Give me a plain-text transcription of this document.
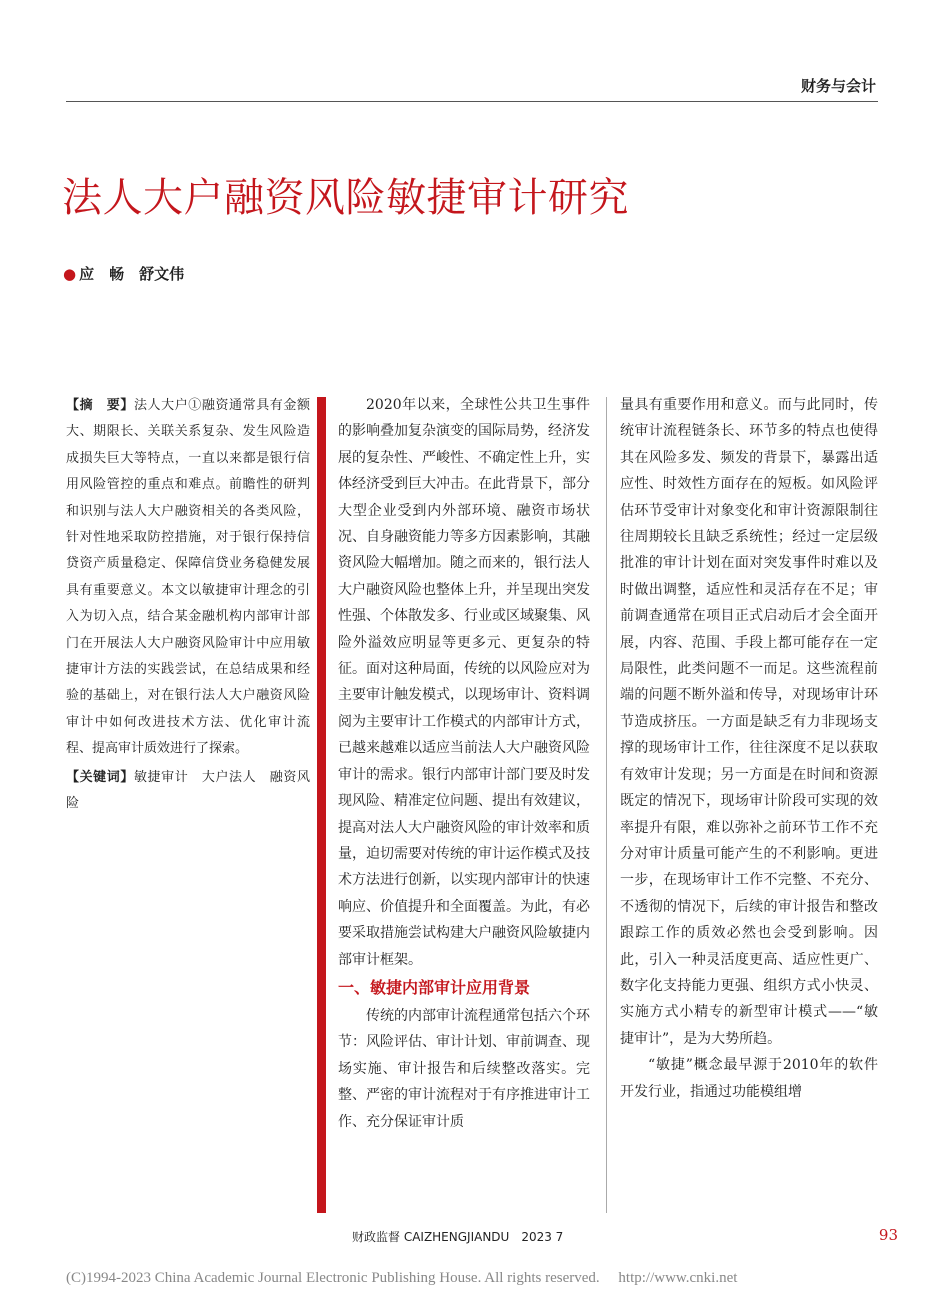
财务与会计
法人大户融资风险敏捷审计研究
● 应　畅　舒文伟

【摘　要】法人大户①融资通常具有金额大、期限长、关联关系复杂、发生风险造成损失巨大等特点，一直以来都是银行信用风险管控的重点和难点。前瞻性的研判和识别与法人大户融资相关的各类风险，针对性地采取防控措施，对于银行保持信贷资产质量稳定、保障信贷业务稳健发展具有重要意义。本文以敏捷审计理念的引入为切入点，结合某金融机构内部审计部门在开展法人大户融资风险审计中应用敏捷审计方法的实践尝试，在总结成果和经验的基础上，对在银行法人大户融资风险审计中如何改进技术方法、优化审计流程、提高审计质效进行了探索。

【关键词】敏捷审计　大户法人　融资风险

2020年以来，全球性公共卫生事件的影响叠加复杂演变的国际局势，经济发展的复杂性、严峻性、不确定性上升，实体经济受到巨大冲击。在此背景下，部分大型企业受到内外部环境、融资市场状况、自身融资能力等多方因素影响，其融资风险大幅增加。随之而来的，银行法人大户融资风险也整体上升，并呈现出突发性强、个体散发多、行业或区域聚集、风险外溢效应明显等更多元、更复杂的特征。面对这种局面，传统的以风险应对为主要审计触发模式，以现场审计、资料调阅为主要审计工作模式的内部审计方式，已越来越难以适应当前法人大户融资风险审计的需求。银行内部审计部门要及时发现风险、精准定位问题、提出有效建议，提高对法人大户融资风险的审计效率和质量，迫切需要对传统的审计运作模式及技术方法进行创新，以实现内部审计的快速响应、价值提升和全面覆盖。为此，有必要采取措施尝试构建大户融资风险敏捷内部审计框架。

一、敏捷内部审计应用背景

传统的内部审计流程通常包括六个环节：风险评估、审计计划、审前调查、现场实施、审计报告和后续整改落实。完整、严密的审计流程对于有序推进审计工作、充分保证审计质

量具有重要作用和意义。而与此同时，传统审计流程链条长、环节多的特点也使得其在风险多发、频发的背景下，暴露出适应性、时效性方面存在的短板。如风险评估环节受审计对象变化和审计资源限制往往周期较长且缺乏系统性；经过一定层级批准的审计计划在面对突发事件时难以及时做出调整，适应性和灵活存在不足；审前调查通常在项目正式启动后才会全面开展，内容、范围、手段上都可能存在一定局限性，此类问题不一而足。这些流程前端的问题不断外溢和传导，对现场审计环节造成挤压。一方面是缺乏有力非现场支撑的现场审计工作，往往深度不足以获取有效审计发现；另一方面是在时间和资源既定的情况下，现场审计阶段可实现的效率提升有限，难以弥补之前环节工作不充分对审计质量可能产生的不利影响。更进一步，在现场审计工作不完整、不充分、不透彻的情况下，后续的审计报告和整改跟踪工作的质效必然也会受到影响。因此，引入一种灵活度更高、适应性更广、数字化支持能力更强、组织方式小快灵、实施方式小精专的新型审计模式——“敏捷审计”，是为大势所趋。

“敏捷”概念最早源于2010年的软件开发行业，指通过功能模组增

财政监督 CAIZHENGJIANDU　2023 7	93
(C)1994-2023 China Academic Journal Electronic Publishing House. All rights reserved.　 http://www.cnki.net
